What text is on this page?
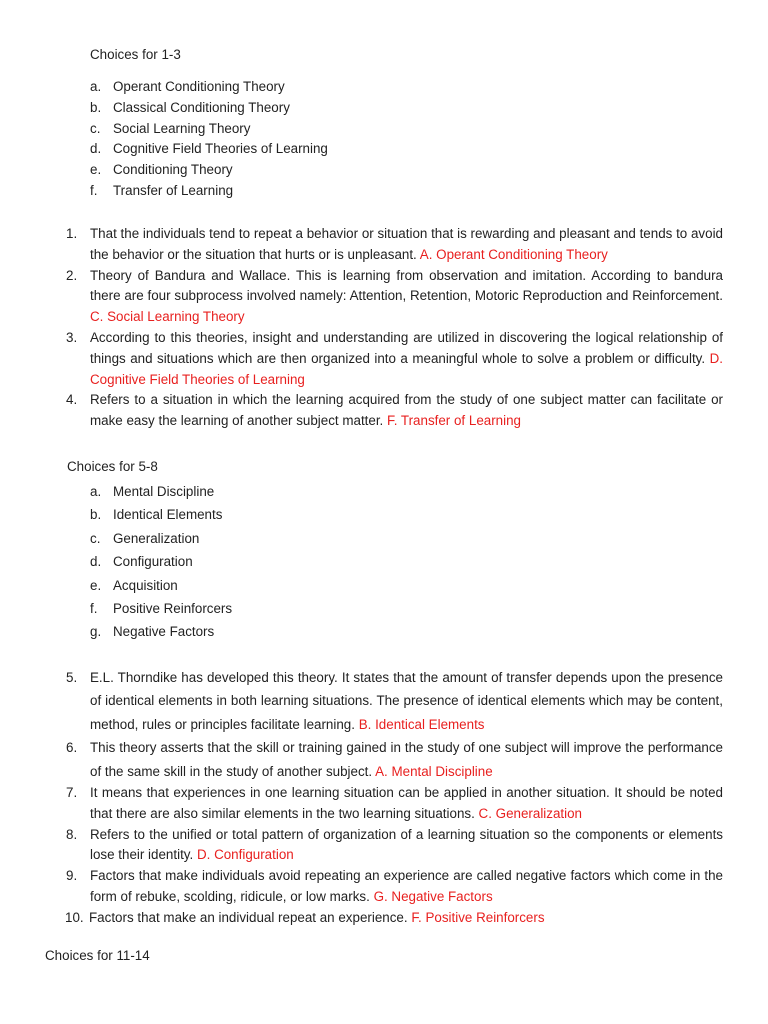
Choices for 1-3
a. Operant Conditioning Theory
b. Classical Conditioning Theory
c. Social Learning Theory
d. Cognitive Field Theories of Learning
e. Conditioning Theory
f. Transfer of Learning
1. That the individuals tend to repeat a behavior or situation that is rewarding and pleasant and tends to avoid the behavior or the situation that hurts or is unpleasant. A. Operant Conditioning Theory
2. Theory of Bandura and Wallace. This is learning from observation and imitation. According to bandura there are four subprocess involved namely: Attention, Retention, Motoric Reproduction and Reinforcement. C. Social Learning Theory
3. According to this theories, insight and understanding are utilized in discovering the logical relationship of things and situations which are then organized into a meaningful whole to solve a problem or difficulty. D. Cognitive Field Theories of Learning
4. Refers to a situation in which the learning acquired from the study of one subject matter can facilitate or make easy the learning of another subject matter. F. Transfer of Learning
Choices for 5-8
a. Mental Discipline
b. Identical Elements
c. Generalization
d. Configuration
e. Acquisition
f. Positive Reinforcers
g. Negative Factors
5. E.L. Thorndike has developed this theory. It states that the amount of transfer depends upon the presence of identical elements in both learning situations. The presence of identical elements which may be content, method, rules or principles facilitate learning. B. Identical Elements
6. This theory asserts that the skill or training gained in the study of one subject will improve the performance of the same skill in the study of another subject. A. Mental Discipline
7. It means that experiences in one learning situation can be applied in another situation. It should be noted that there are also similar elements in the two learning situations. C. Generalization
8. Refers to the unified or total pattern of organization of a learning situation so the components or elements lose their identity. D. Configuration
9. Factors that make individuals avoid repeating an experience are called negative factors which come in the form of rebuke, scolding, ridicule, or low marks. G. Negative Factors
10. Factors that make an individual repeat an experience. F. Positive Reinforcers
Choices for 11-14
